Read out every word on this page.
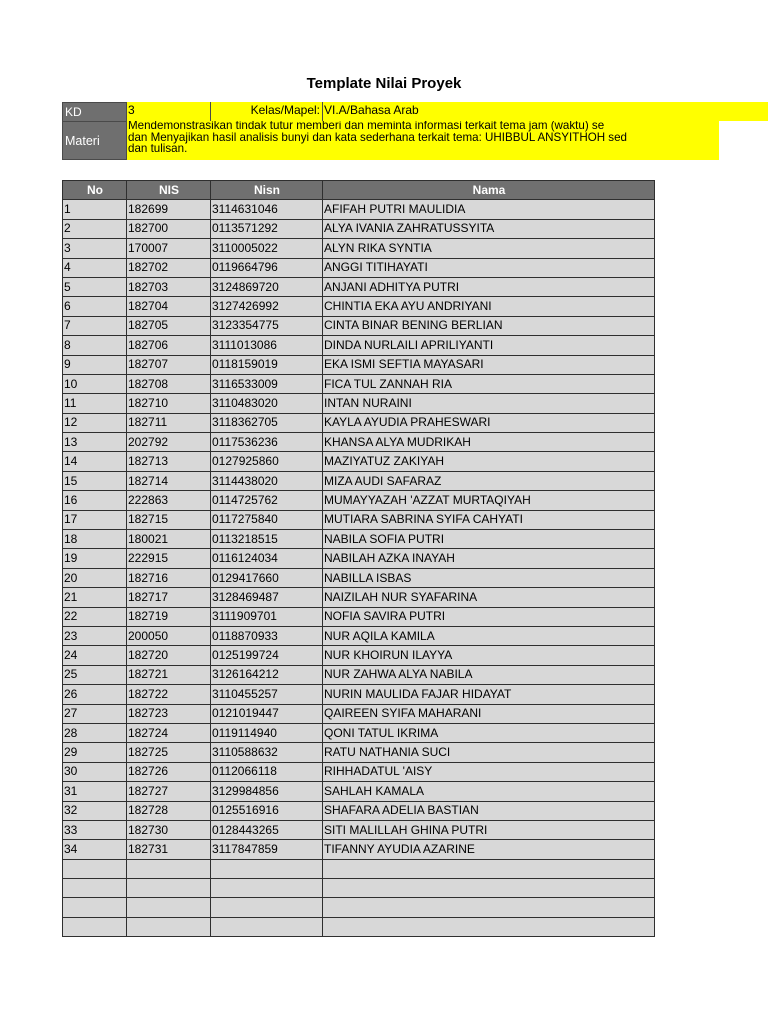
Template Nilai Proyek
KD	3	Kelas/Mapel: VI.A/Bahasa Arab
Materi
Mendemonstrasikan tindak tutur memberi dan meminta informasi terkait tema jam (waktu) se
dan Menyajikan hasil analisis bunyi dan kata sederhana terkait tema: UHIBBUL ANSYITHOH sed
dan tulisan.
No	NIS	Nisn	Nama
1	182699	3114631046	AFIFAH PUTRI MAULIDIA
2	182700	0113571292	ALYA IVANIA ZAHRATUSSYITA
3	170007	3110005022	ALYN RIKA SYNTIA
4	182702	0119664796	ANGGI TITIHAYATI
5	182703	3124869720	ANJANI ADHITYA PUTRI
6	182704	3127426992	CHINTIA EKA AYU ANDRIYANI
7	182705	3123354775	CINTA BINAR BENING BERLIAN
8	182706	3111013086	DINDA NURLAILI APRILIYANTI
9	182707	0118159019	EKA ISMI SEFTIA MAYASARI
10	182708	3116533009	FICA TUL ZANNAH RIA
11	182710	3110483020	INTAN NURAINI
12	182711	3118362705	KAYLA AYUDIA PRAHESWARI
13	202792	0117536236	KHANSA ALYA MUDRIKAH
14	182713	0127925860	MAZIYATUZ ZAKIYAH
15	182714	3114438020	MIZA AUDI SAFARAZ
16	222863	0114725762	MUMAYYAZAH 'AZZAT MURTAQIYAH
17	182715	0117275840	MUTIARA SABRINA SYIFA CAHYATI
18	180021	0113218515	NABILA SOFIA PUTRI
19	222915	0116124034	NABILAH AZKA INAYAH
20	182716	0129417660	NABILLA ISBAS
21	182717	3128469487	NAIZILAH NUR SYAFARINA
22	182719	3111909701	NOFIA SAVIRA PUTRI
23	200050	0118870933	NUR AQILA KAMILA
24	182720	0125199724	NUR KHOIRUN ILAYYA
25	182721	3126164212	NUR ZAHWA ALYA NABILA
26	182722	3110455257	NURIN MAULIDA FAJAR HIDAYAT
27	182723	0121019447	QAIREEN SYIFA MAHARANI
28	182724	0119114940	QONI TATUL IKRIMA
29	182725	3110588632	RATU NATHANIA SUCI
30	182726	0112066118	RIHHADATUL 'AISY
31	182727	3129984856	SAHLAH KAMALA
32	182728	0125516916	SHAFARA ADELIA BASTIAN
33	182730	0128443265	SITI MALILLAH GHINA PUTRI
34	182731	3117847859	TIFANNY AYUDIA AZARINE
